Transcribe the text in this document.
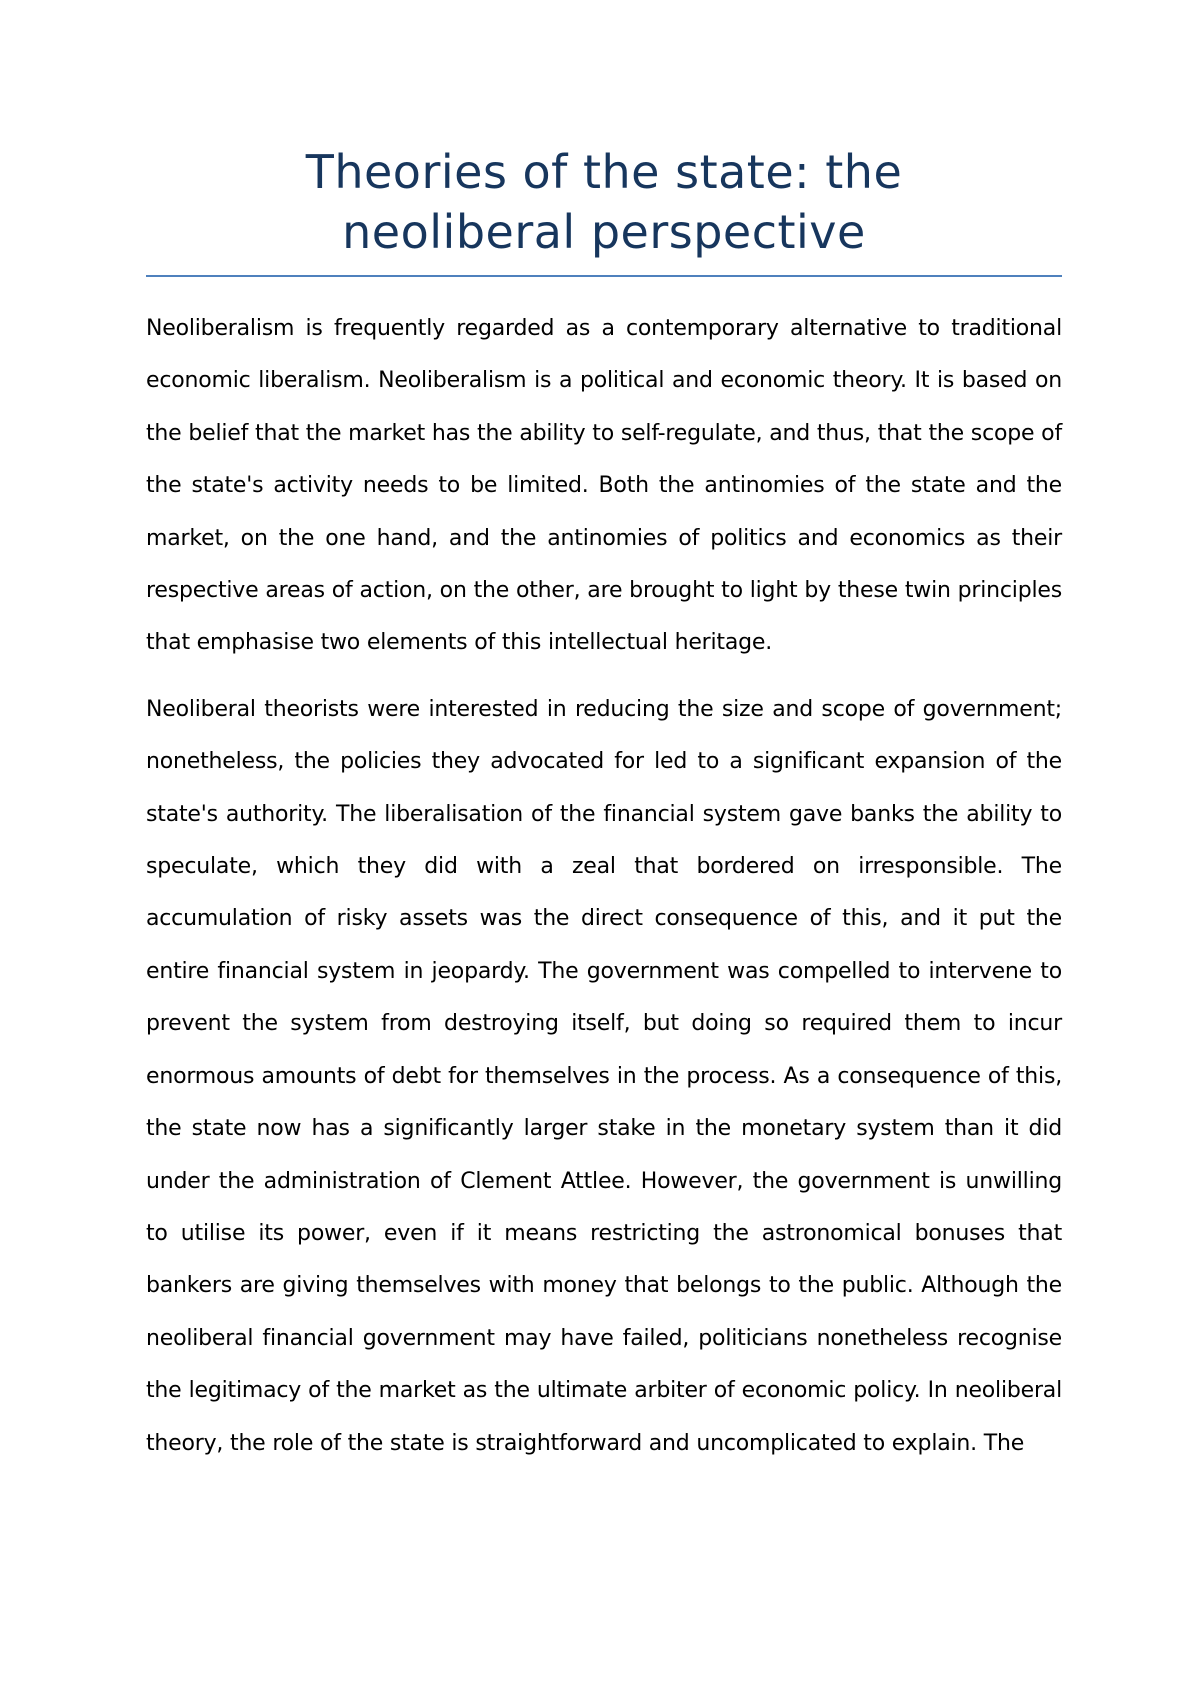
Theories of the state: the
neoliberal perspective

Neoliberalism is frequently regarded as a contemporary alternative to traditional economic liberalism. Neoliberalism is a political and economic theory. It is based on the belief that the market has the ability to self-regulate, and thus, that the scope of the state's activity needs to be limited. Both the antinomies of the state and the market, on the one hand, and the antinomies of politics and economics as their respective areas of action, on the other, are brought to light by these twin principles that emphasise two elements of this intellectual heritage.

Neoliberal theorists were interested in reducing the size and scope of government; nonetheless, the policies they advocated for led to a significant expansion of the state's authority. The liberalisation of the financial system gave banks the ability to speculate, which they did with a zeal that bordered on irresponsible. The accumulation of risky assets was the direct consequence of this, and it put the entire financial system in jeopardy. The government was compelled to intervene to prevent the system from destroying itself, but doing so required them to incur enormous amounts of debt for themselves in the process. As a consequence of this, the state now has a significantly larger stake in the monetary system than it did under the administration of Clement Attlee. However, the government is unwilling to utilise its power, even if it means restricting the astronomical bonuses that bankers are giving themselves with money that belongs to the public. Although the neoliberal financial government may have failed, politicians nonetheless recognise the legitimacy of the market as the ultimate arbiter of economic policy. In neoliberal theory, the role of the state is straightforward and uncomplicated to explain. The
